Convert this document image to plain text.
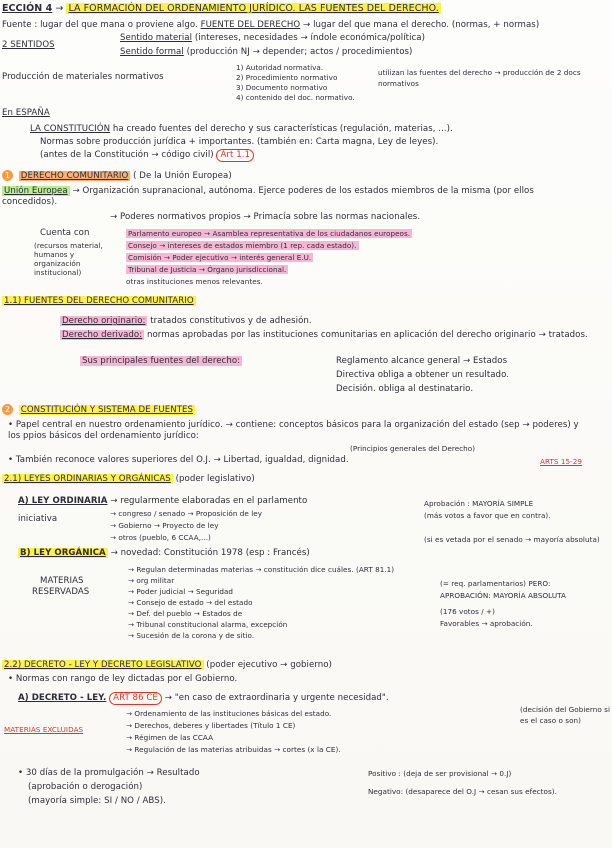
ECCIÓN 4 → LA FORMACIÓN DEL ORDENAMIENTO JURÍDICO. LAS FUENTES DEL DERECHO.
Fuente : lugar del que mana o proviene algo. FUENTE DEL DERECHO → lugar del que mana el derecho. (normas, + normas)
2 SENTIDOS
Sentido material (intereses, necesidades → índole económica/política)
Sentido formal (producción NJ → depender; actos / procedimientos)
Producción de materiales normativos
1) Autoridad normativa.
2) Procedimiento normativo
3) Documento normativo
4) contenido del doc. normativo.
utilizan las fuentes del derecho → producción de 2 docs normativos
En ESPAÑA
LA CONSTITUCIÓN ha creado fuentes del derecho y sus características (regulación, materias, ...).
Normas sobre producción jurídica + importantes. (también en: Carta magna, Ley de leyes).
(antes de la Constitución → código civil) Art 1.1
1 DERECHO COMUNITARIO ( De la Unión Europea)
Unión Europea → Organización supranacional, autónoma. Ejerce poderes de los estados miembros de la misma (por ellos concedidos).
→ Poderes normativos propios → Primacía sobre las normas nacionales.
Cuenta con
(recursos material,
humanos y
organización
institucional)
Parlamento europeo → Asamblea representativa de los ciudadanos europeos.
Consejo → intereses de estados miembro (1 rep. cada estado).
Comisión → Poder ejecutivo → interés general E.U.
Tribunal de Justicia → Órgano jurisdiccional.
otras instituciones menos relevantes.
1.1) FUENTES DEL DERECHO COMUNITARIO
Derecho originario: tratados constitutivos y de adhesión.
Derecho derivado: normas aprobadas por las instituciones comunitarias en aplicación del derecho originario → tratados.
Sus principales fuentes del derecho:	Reglamento alcance general → Estados
Directiva obliga a obtener un resultado.
Decisión. obliga al destinatario.
2 CONSTITUCIÓN Y SISTEMA DE FUENTES
• Papel central en nuestro ordenamiento jurídico. → contiene: conceptos básicos para la organización del estado (sep → poderes) y los ppios básicos del ordenamiento jurídico:
(Principios generales del Derecho)
• También reconoce valores superiores del O.J. → Libertad, igualdad, dignidad.	ARTS 15-29
2.1) LEYES ORDINARIAS Y ORGÁNICAS (poder legislativo)
A) LEY ORDINARIA → regularmente elaboradas en el parlamento	Aprobación : MAYORÍA SIMPLE
iniciativa
→ congreso / senado → Proposición de ley
→ Gobierno → Proyecto de ley
→ otros (pueblo, 6 CCAA,...)
(más votos a favor que en contra).
(si es vetada por el senado → mayoría absoluta)
B) LEY ORGÁNICA → novedad: Constitución 1978 (esp : Francés)
MATERIAS
RESERVADAS
→ Regulan determinadas materias → constitución dice cuáles. (ART 81.1)
→ org militar
→ Poder judicial → Seguridad
→ Consejo de estado → del estado
→ Def. del pueblo → Estados de
→ Tribunal constitucional alarma, excepción
→ Sucesión de la corona y de sitio.
(= req. parlamentarios) PERO:
APROBACIÓN: MAYORÍA ABSOLUTA
(176 votos / +)
Favorables → aprobación.
2.2) DECRETO - LEY Y DECRETO LEGISLATIVO (poder ejecutivo → gobierno)
• Normas con rango de ley dictadas por el Gobierno.
A) DECRETO - LEY. ART 86 CE → "en caso de extraordinaria y urgente necesidad".
(decisión del Gobierno si es el caso o son)
MATERIAS EXCLUIDAS
→ Ordenamiento de las instituciones básicas del estado.
→ Derechos, deberes y libertades (Título 1 CE)
→ Régimen de las CCAA
→ Regulación de las materias atribuidas → cortes (x la CE).
• 30 días de la promulgación → Resultado
(aprobación o derogación)
(mayoría simple: SI / NO / ABS).
Positivo : (deja de ser provisional → 0.J)
Negativo: (desaparece del O.J → cesan sus efectos).
